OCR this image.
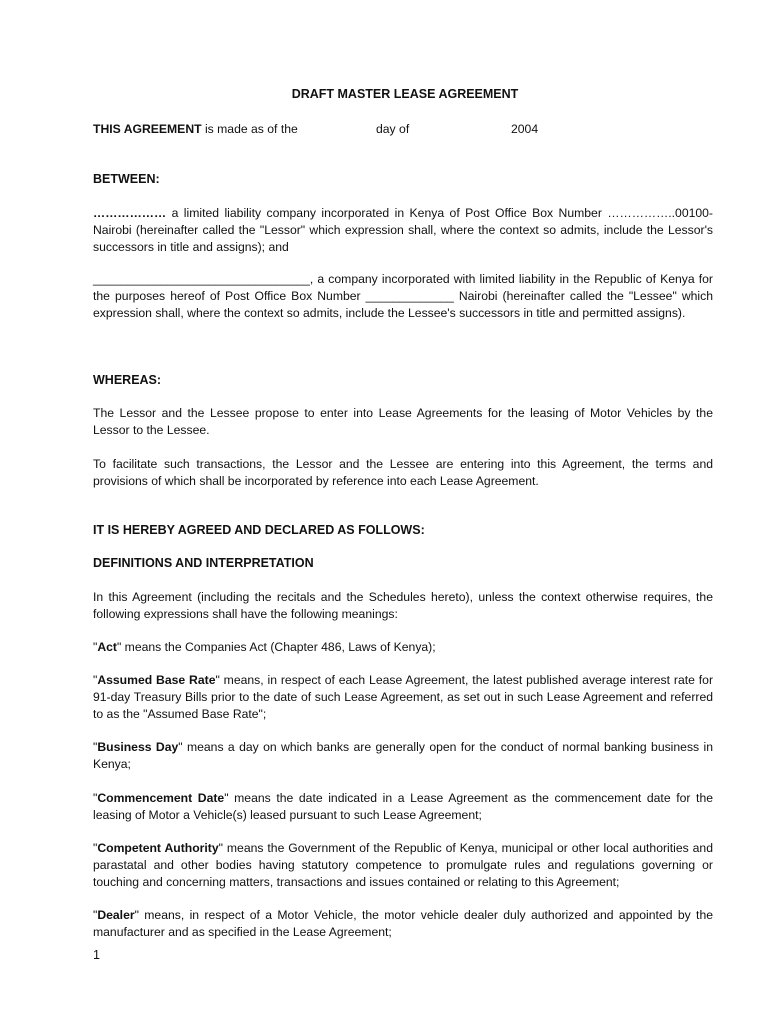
DRAFT MASTER LEASE AGREEMENT
THIS AGREEMENT is made as of the	day of	2004
BETWEEN:
……………… a limited liability company incorporated in Kenya of Post Office Box Number ……………..00100-Nairobi (hereinafter called the "Lessor" which expression shall, where the context so admits, include the Lessor's successors in title and assigns); and
________________________________, a company incorporated with limited liability in the Republic of Kenya for the purposes hereof of Post Office Box Number _____________ Nairobi (hereinafter called the "Lessee" which expression shall, where the context so admits, include the Lessee's successors in title and permitted assigns).
WHEREAS:
The Lessor and the Lessee propose to enter into Lease Agreements for the leasing of Motor Vehicles by the Lessor to the Lessee.
To facilitate such transactions, the Lessor and the Lessee are entering into this Agreement, the terms and provisions of which shall be incorporated by reference into each Lease Agreement.
IT IS HEREBY AGREED AND DECLARED AS FOLLOWS:
DEFINITIONS AND INTERPRETATION
In this Agreement (including the recitals and the Schedules hereto), unless the context otherwise requires, the following expressions shall have the following meanings:
"Act" means the Companies Act (Chapter 486, Laws of Kenya);
"Assumed Base Rate" means, in respect of each Lease Agreement, the latest published average interest rate for 91-day Treasury Bills prior to the date of such Lease Agreement, as set out in such Lease Agreement and referred to as the "Assumed Base Rate";
"Business Day" means a day on which banks are generally open for the conduct of normal banking business in Kenya;
"Commencement Date" means the date indicated in a Lease Agreement as the commencement date for the leasing of Motor a Vehicle(s) leased pursuant to such Lease Agreement;
"Competent Authority" means the Government of the Republic of Kenya, municipal or other local authorities and parastatal and other bodies having statutory competence to promulgate rules and regulations governing or touching and concerning matters, transactions and issues contained or relating to this Agreement;
"Dealer" means, in respect of a Motor Vehicle, the motor vehicle dealer duly authorized and appointed by the manufacturer and as specified in the Lease Agreement;
1
